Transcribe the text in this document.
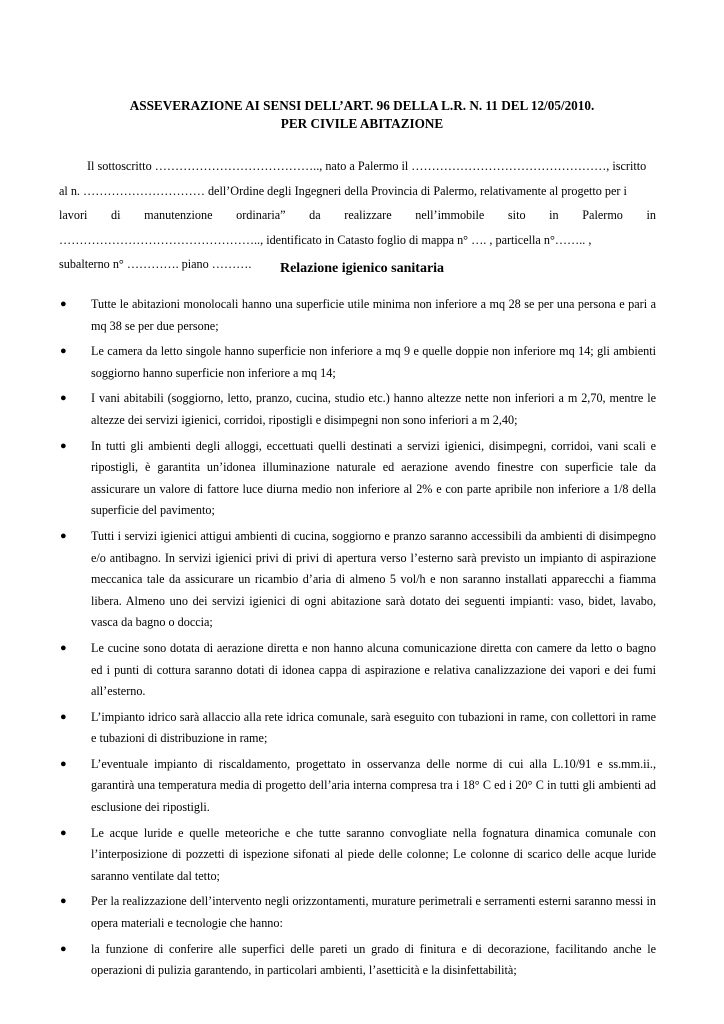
ASSEVERAZIONE AI SENSI DELL’ART. 96 DELLA L.R. N. 11 DEL 12/05/2010.
PER CIVILE ABITAZIONE
Il sottoscritto ………………………………….., nato a Palermo il …………………………………………, iscritto
al n. ………………………… dell’Ordine degli Ingegneri della Provincia di Palermo, relativamente al progetto per i
lavori di manutenzione ordinaria” da realizzare nell’immobile sito in Palermo in
………………………………………….., identificato in Catasto foglio di mappa n° …. , particella n°…….. ,
subalterno n° …………. piano ……….	Relazione igienico sanitaria
● Tutte le abitazioni monolocali hanno una superficie utile minima non inferiore a mq 28 se per una persona e pari a mq 38 se per due persone;
● Le camera da letto singole hanno superficie non inferiore a mq 9 e quelle doppie non inferiore mq 14; gli ambienti soggiorno hanno superficie non inferiore a mq 14;
● I vani abitabili (soggiorno, letto, pranzo, cucina, studio etc.) hanno altezze nette non inferiori a m 2,70, mentre le altezze dei servizi igienici, corridoi, ripostigli e disimpegni non sono inferiori a m 2,40;
● In tutti gli ambienti degli alloggi, eccettuati quelli destinati a servizi igienici, disimpegni, corridoi, vani scali e ripostigli, è garantita un’idonea illuminazione naturale ed aerazione avendo finestre con superficie tale da assicurare un valore di fattore luce diurna medio non inferiore al 2% e con parte apribile non inferiore a 1/8 della superficie del pavimento;
● Tutti i servizi igienici attigui ambienti di cucina, soggiorno e pranzo saranno accessibili da ambienti di disimpegno e/o antibagno. In servizi igienici privi di privi di apertura verso l’esterno sarà previsto un impianto di aspirazione meccanica tale da assicurare un ricambio d’aria di almeno 5 vol/h e non saranno installati apparecchi a fiamma libera. Almeno uno dei servizi igienici di ogni abitazione sarà dotato dei seguenti impianti: vaso, bidet, lavabo, vasca da bagno o doccia;
● Le cucine sono dotata di aerazione diretta e non hanno alcuna comunicazione diretta con camere da letto o bagno ed i punti di cottura saranno dotati di idonea cappa di aspirazione e relativa canalizzazione dei vapori e dei fumi all’esterno.
● L’impianto idrico sarà allaccio alla rete idrica comunale, sarà eseguito con tubazioni in rame, con collettori in rame e tubazioni di distribuzione in rame;
● L’eventuale impianto di riscaldamento, progettato in osservanza delle norme di cui alla L.10/91 e ss.mm.ii., garantirà una temperatura media di progetto dell’aria interna compresa tra i 18° C ed i 20° C in tutti gli ambienti ad esclusione dei ripostigli.
● Le acque luride e quelle meteoriche e che tutte saranno convogliate nella fognatura dinamica comunale con l’interposizione di pozzetti di ispezione sifonati al piede delle colonne; Le colonne di scarico delle acque luride saranno ventilate dal tetto;
● Per la realizzazione dell’intervento negli orizzontamenti, murature perimetrali e serramenti esterni saranno messi in opera materiali e tecnologie che hanno:
● la funzione di conferire alle superfici delle pareti un grado di finitura e di decorazione, facilitando anche le operazioni di pulizia garantendo, in particolari ambienti, l’asetticità e la disinfettabilità;
